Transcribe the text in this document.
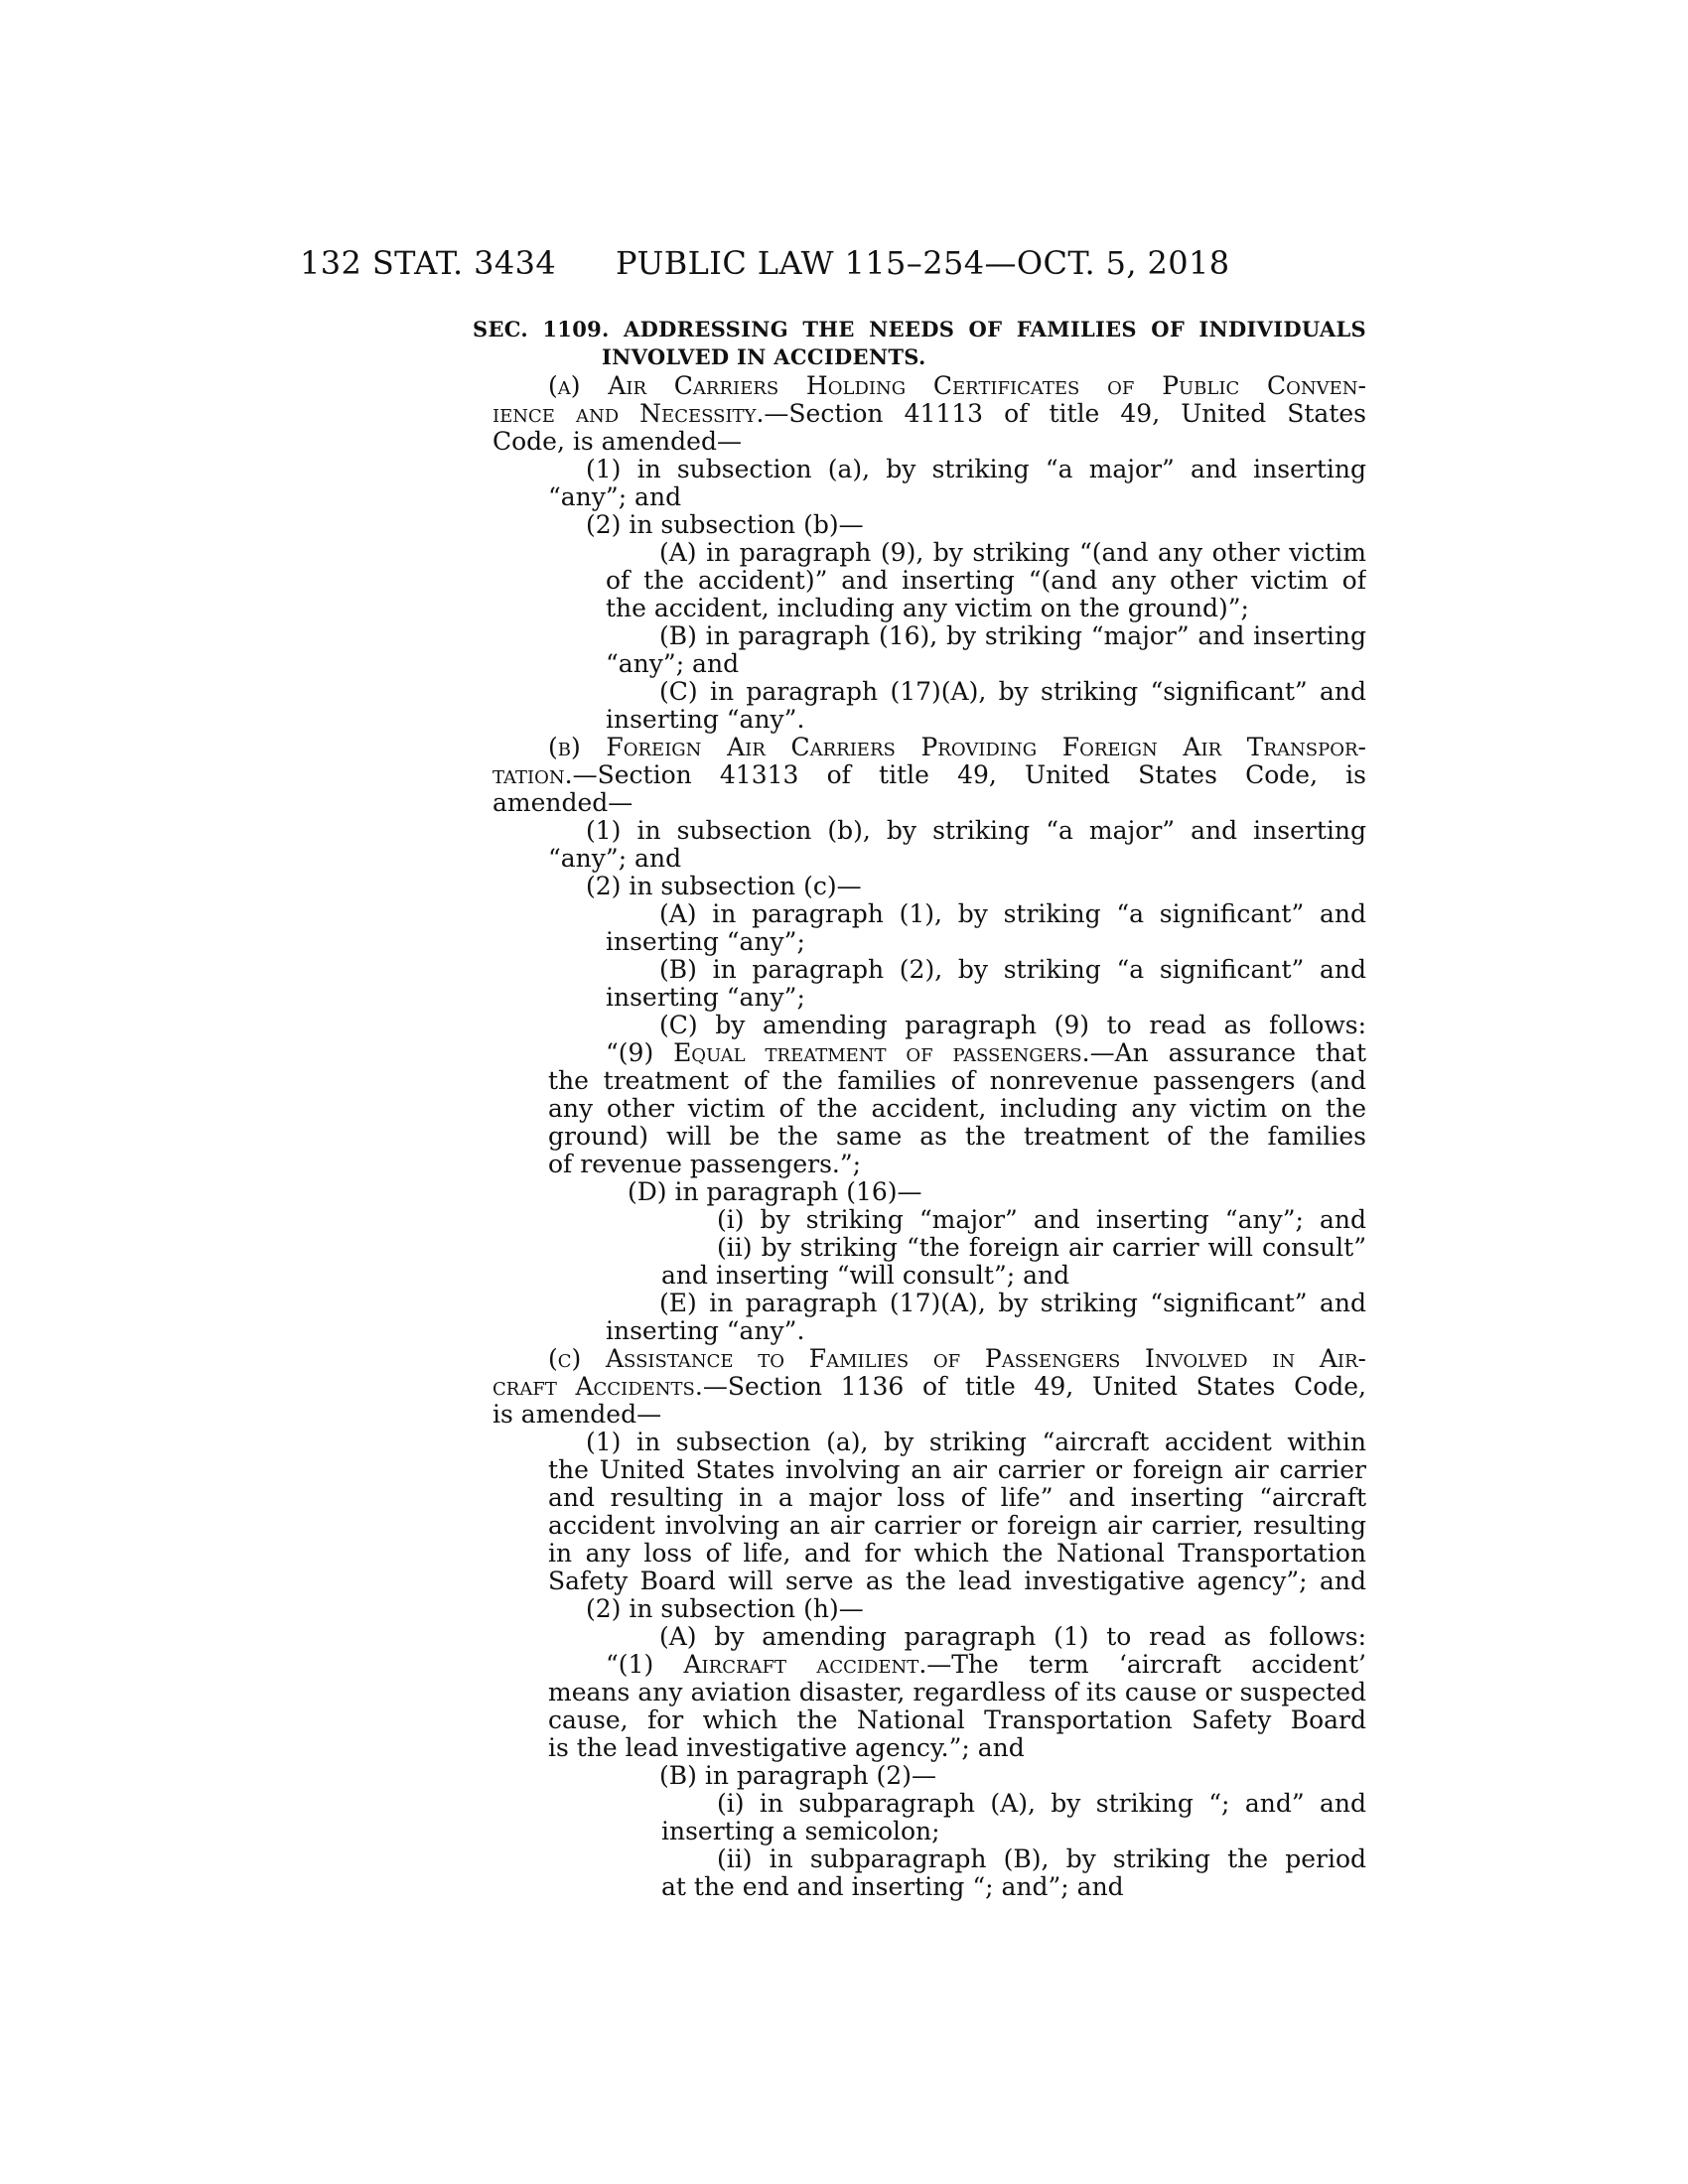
132 STAT. 3434 PUBLIC LAW 115–254—OCT. 5, 2018
SEC. 1109. ADDRESSING THE NEEDS OF FAMILIES OF INDIVIDUALS
INVOLVED IN ACCIDENTS.
(a) Air Carriers Holding Certificates of Public Conven-
ience and Necessity.—Section 41113 of title 49, United States
Code, is amended—
(1) in subsection (a), by striking “a major” and inserting
“any”; and
(2) in subsection (b)—
(A) in paragraph (9), by striking “(and any other victim
of the accident)” and inserting “(and any other victim of
the accident, including any victim on the ground)”;
(B) in paragraph (16), by striking “major” and inserting
“any”; and
(C) in paragraph (17)(A), by striking “significant” and
inserting “any”.
(b) Foreign Air Carriers Providing Foreign Air Transpor-
tation.—Section 41313 of title 49, United States Code, is
amended—
(1) in subsection (b), by striking “a major” and inserting
“any”; and
(2) in subsection (c)—
(A) in paragraph (1), by striking “a significant” and
inserting “any”;
(B) in paragraph (2), by striking “a significant” and
inserting “any”;
(C) by amending paragraph (9) to read as follows:
“(9) Equal treatment of passengers.—An assurance that
the treatment of the families of nonrevenue passengers (and
any other victim of the accident, including any victim on the
ground) will be the same as the treatment of the families
of revenue passengers.”;
(D) in paragraph (16)—
(i) by striking “major” and inserting “any”; and
(ii) by striking “the foreign air carrier will consult”
and inserting “will consult”; and
(E) in paragraph (17)(A), by striking “significant” and
inserting “any”.
(c) Assistance to Families of Passengers Involved in Air-
craft Accidents.—Section 1136 of title 49, United States Code,
is amended—
(1) in subsection (a), by striking “aircraft accident within
the United States involving an air carrier or foreign air carrier
and resulting in a major loss of life” and inserting “aircraft
accident involving an air carrier or foreign air carrier, resulting
in any loss of life, and for which the National Transportation
Safety Board will serve as the lead investigative agency”; and
(2) in subsection (h)—
(A) by amending paragraph (1) to read as follows:
“(1) Aircraft accident.—The term ‘aircraft accident’
means any aviation disaster, regardless of its cause or suspected
cause, for which the National Transportation Safety Board
is the lead investigative agency.”; and
(B) in paragraph (2)—
(i) in subparagraph (A), by striking “; and” and
inserting a semicolon;
(ii) in subparagraph (B), by striking the period
at the end and inserting “; and”; and
